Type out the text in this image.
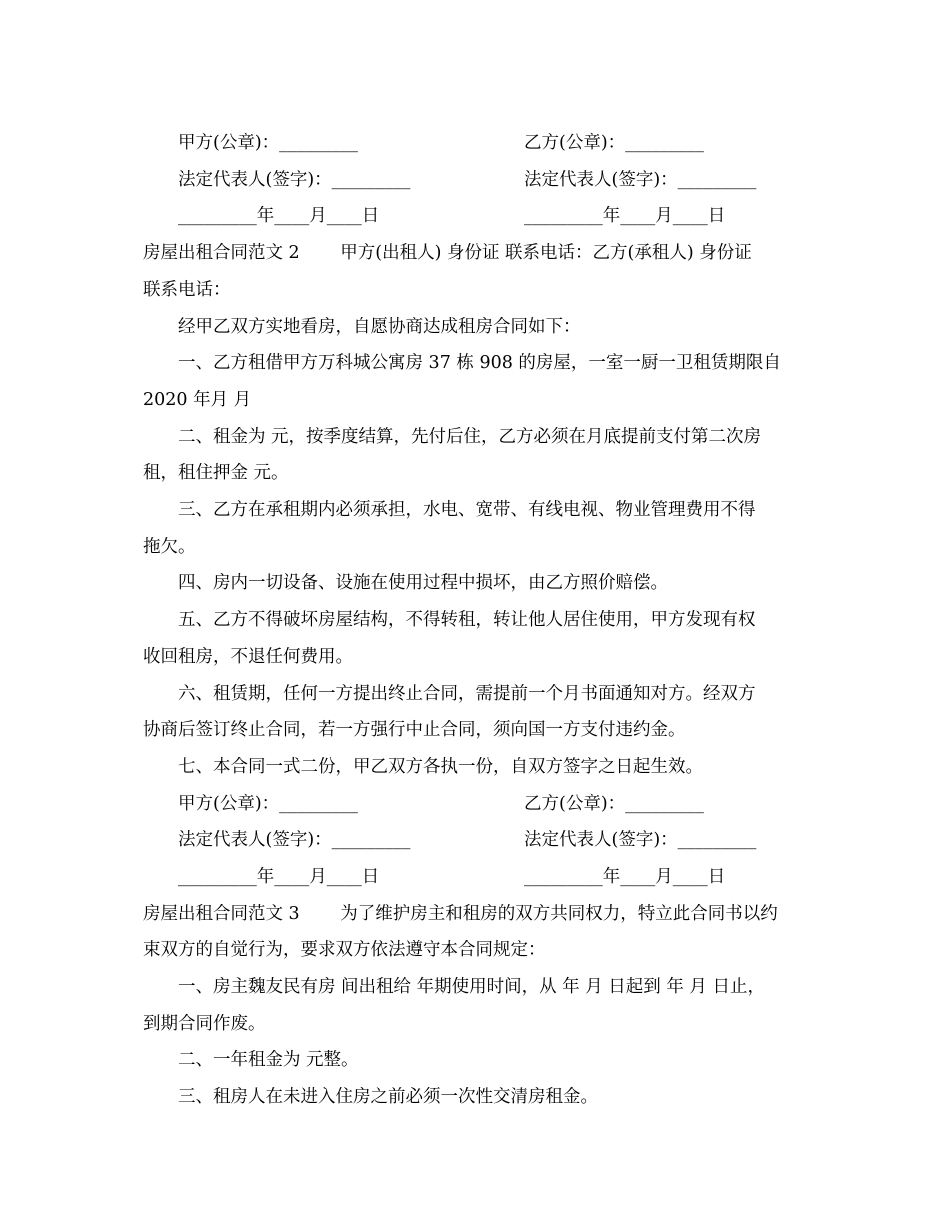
甲方(公章)：_________	乙方(公章)：_________
法定代表人(签字)：_________	法定代表人(签字)：_________
_________年____月____日	_________年____月____日
房屋出租合同范文 2　　 甲方(出租人) 身份证 联系电话：乙方(承租人) 身份证
联系电话：
经甲乙双方实地看房，自愿协商达成租房合同如下：
一、乙方租借甲方万科城公寓房 37 栋 908 的房屋，一室一厨一卫租赁期限自
2020 年月 月
二、租金为 元，按季度结算，先付后住，乙方必须在月底提前支付第二次房
租，租住押金 元。
三、乙方在承租期内必须承担，水电、宽带、有线电视、物业管理费用不得
拖欠。
四、房内一切设备、设施在使用过程中损坏，由乙方照价赔偿。
五、乙方不得破坏房屋结构，不得转租，转让他人居住使用，甲方发现有权
收回租房，不退任何费用。
六、租赁期，任何一方提出终止合同，需提前一个月书面通知对方。经双方
协商后签订终止合同，若一方强行中止合同，须向国一方支付违约金。
七、本合同一式二份，甲乙双方各执一份，自双方签字之日起生效。
甲方(公章)：_________	乙方(公章)：_________
法定代表人(签字)：_________	法定代表人(签字)：_________
_________年____月____日	_________年____月____日
房屋出租合同范文 3　　 为了维护房主和租房的双方共同权力，特立此合同书以约
束双方的自觉行为，要求双方依法遵守本合同规定：
一、房主魏友民有房 间出租给 年期使用时间，从 年 月 日起到 年 月 日止，
到期合同作废。
二、一年租金为 元整。
三、租房人在未进入住房之前必须一次性交清房租金。
